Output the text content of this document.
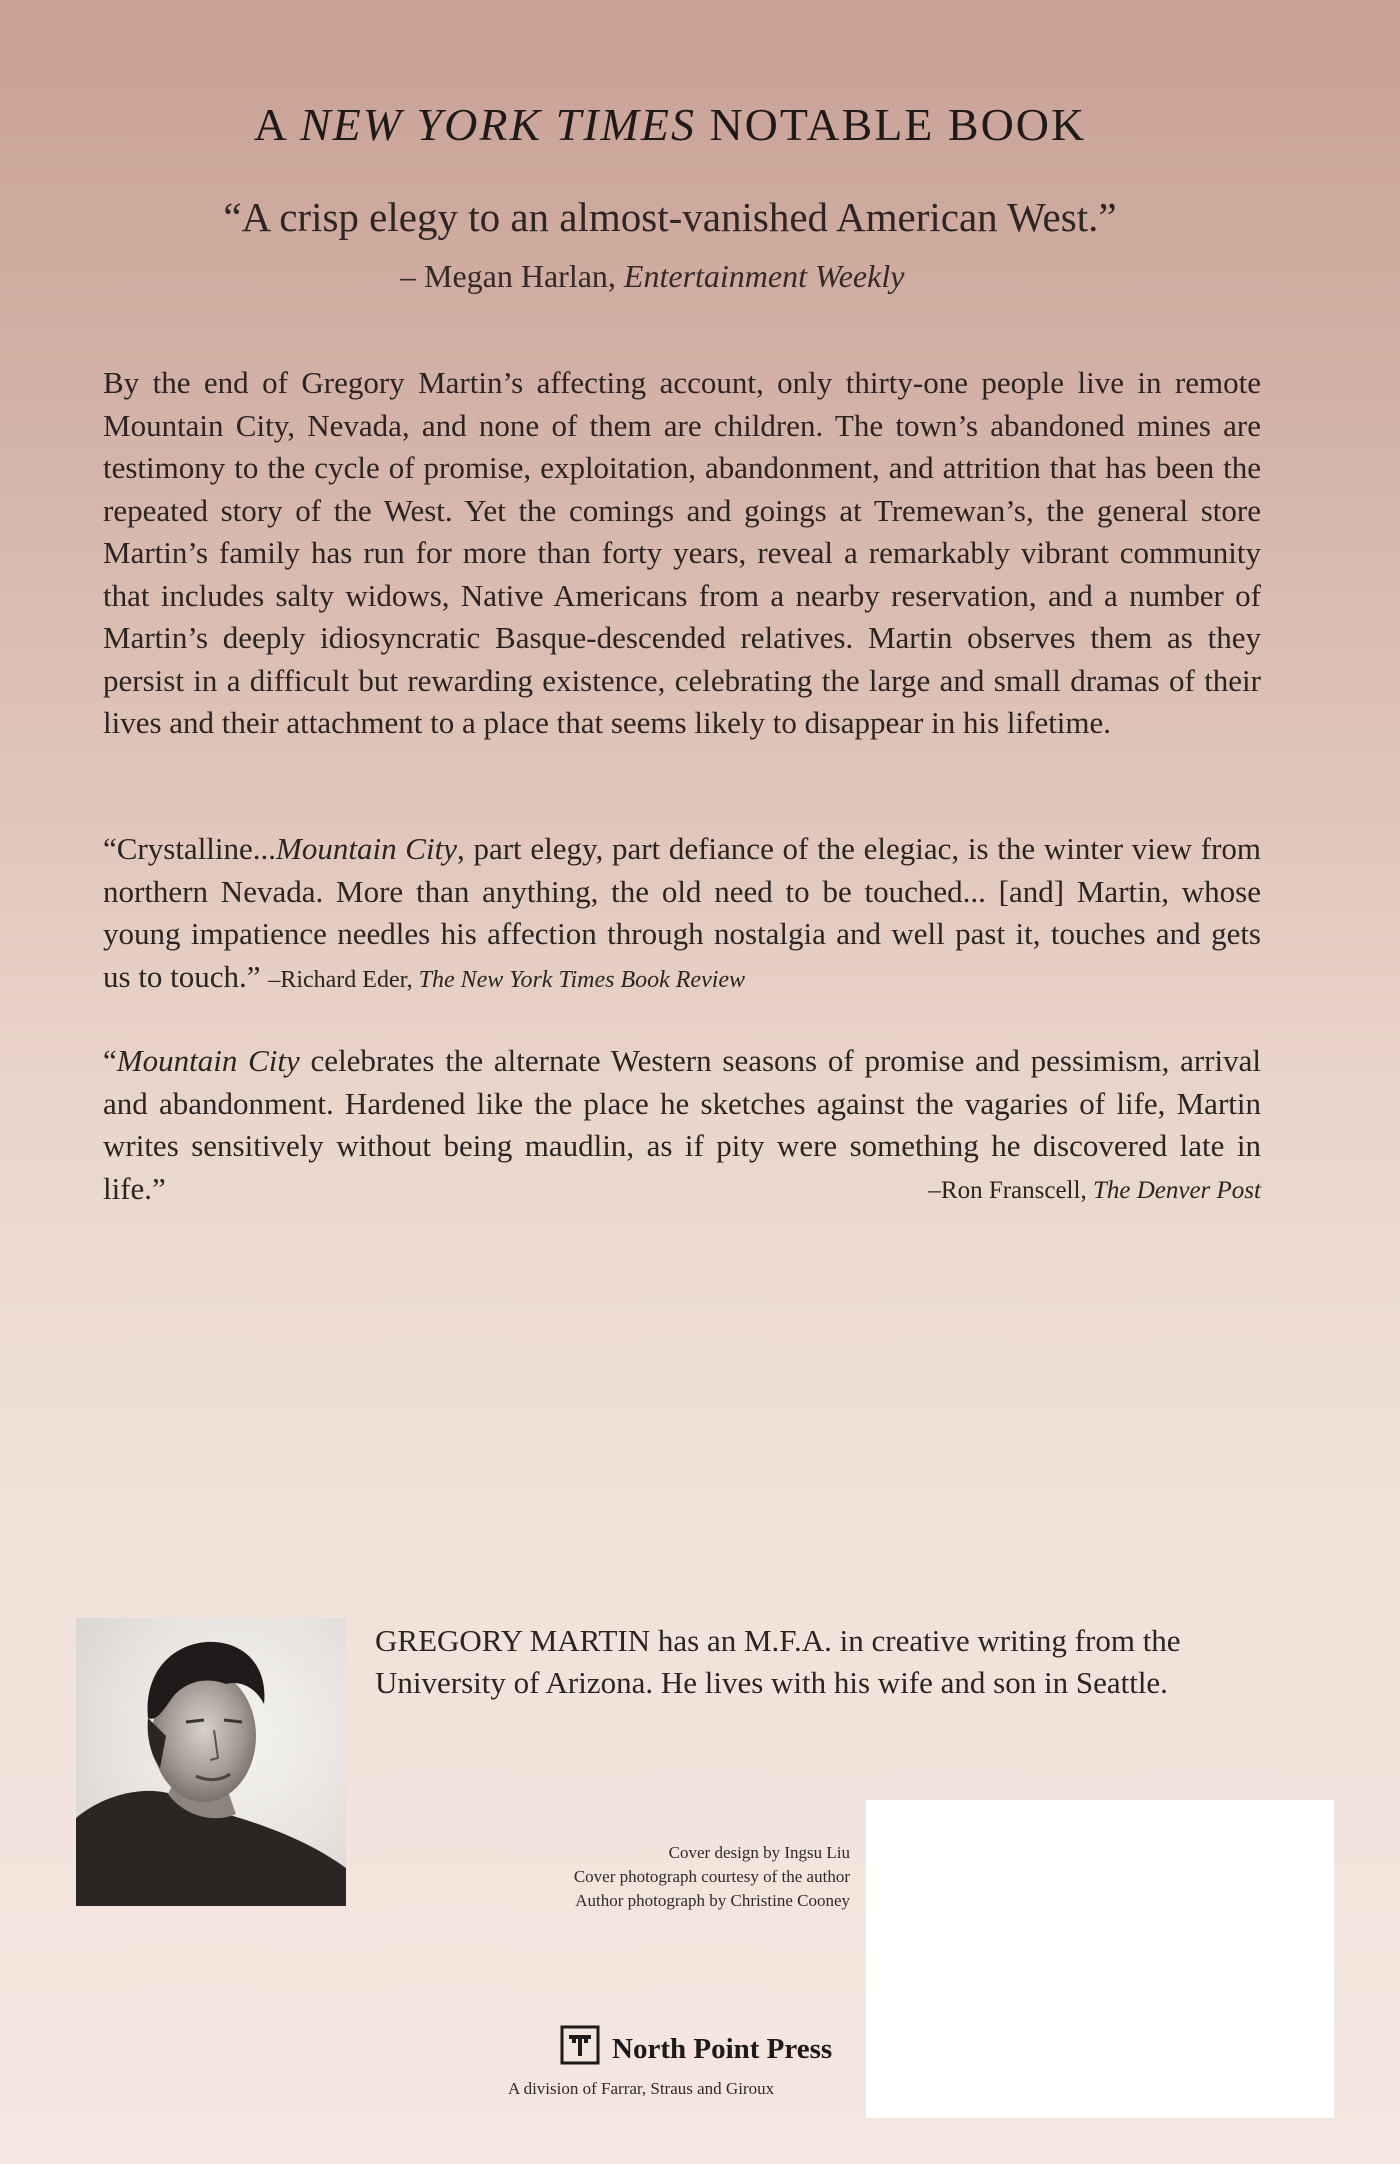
A NEW YORK TIMES NOTABLE BOOK
“A crisp elegy to an almost-vanished American West.”
– Megan Harlan, Entertainment Weekly
By the end of Gregory Martin’s affecting account, only thirty-one people live in remote Mountain City, Nevada, and none of them are children. The town’s abandoned mines are testimony to the cycle of promise, exploitation, abandonment, and attrition that has been the repeated story of the West. Yet the comings and goings at Tremewan’s, the general store Martin’s family has run for more than forty years, reveal a remarkably vibrant community that includes salty widows, Native Americans from a nearby reservation, and a number of Martin’s deeply idiosyncratic Basque-descended relatives. Martin observes them as they persist in a difficult but rewarding existence, celebrating the large and small dramas of their lives and their attachment to a place that seems likely to disappear in his lifetime.
“Crystalline...Mountain City, part elegy, part defiance of the elegiac, is the winter view from northern Nevada. More than anything, the old need to be touched... [and] Martin, whose young impatience needles his affection through nostalgia and well past it, touches and gets us to touch.” –Richard Eder, The New York Times Book Review
“Mountain City celebrates the alternate Western seasons of promise and pessimism, arrival and abandonment. Hardened like the place he sketches against the vagaries of life, Martin writes sensitively without being maudlin, as if pity were something he discovered late in life.”	–Ron Franscell, The Denver Post
GREGORY MARTIN has an M.F.A. in creative writing from the University of Arizona. He lives with his wife and son in Seattle.
Cover design by Ingsu Liu
Cover photograph courtesy of the author
Author photograph by Christine Cooney
North Point Press
A division of Farrar, Straus and Giroux
